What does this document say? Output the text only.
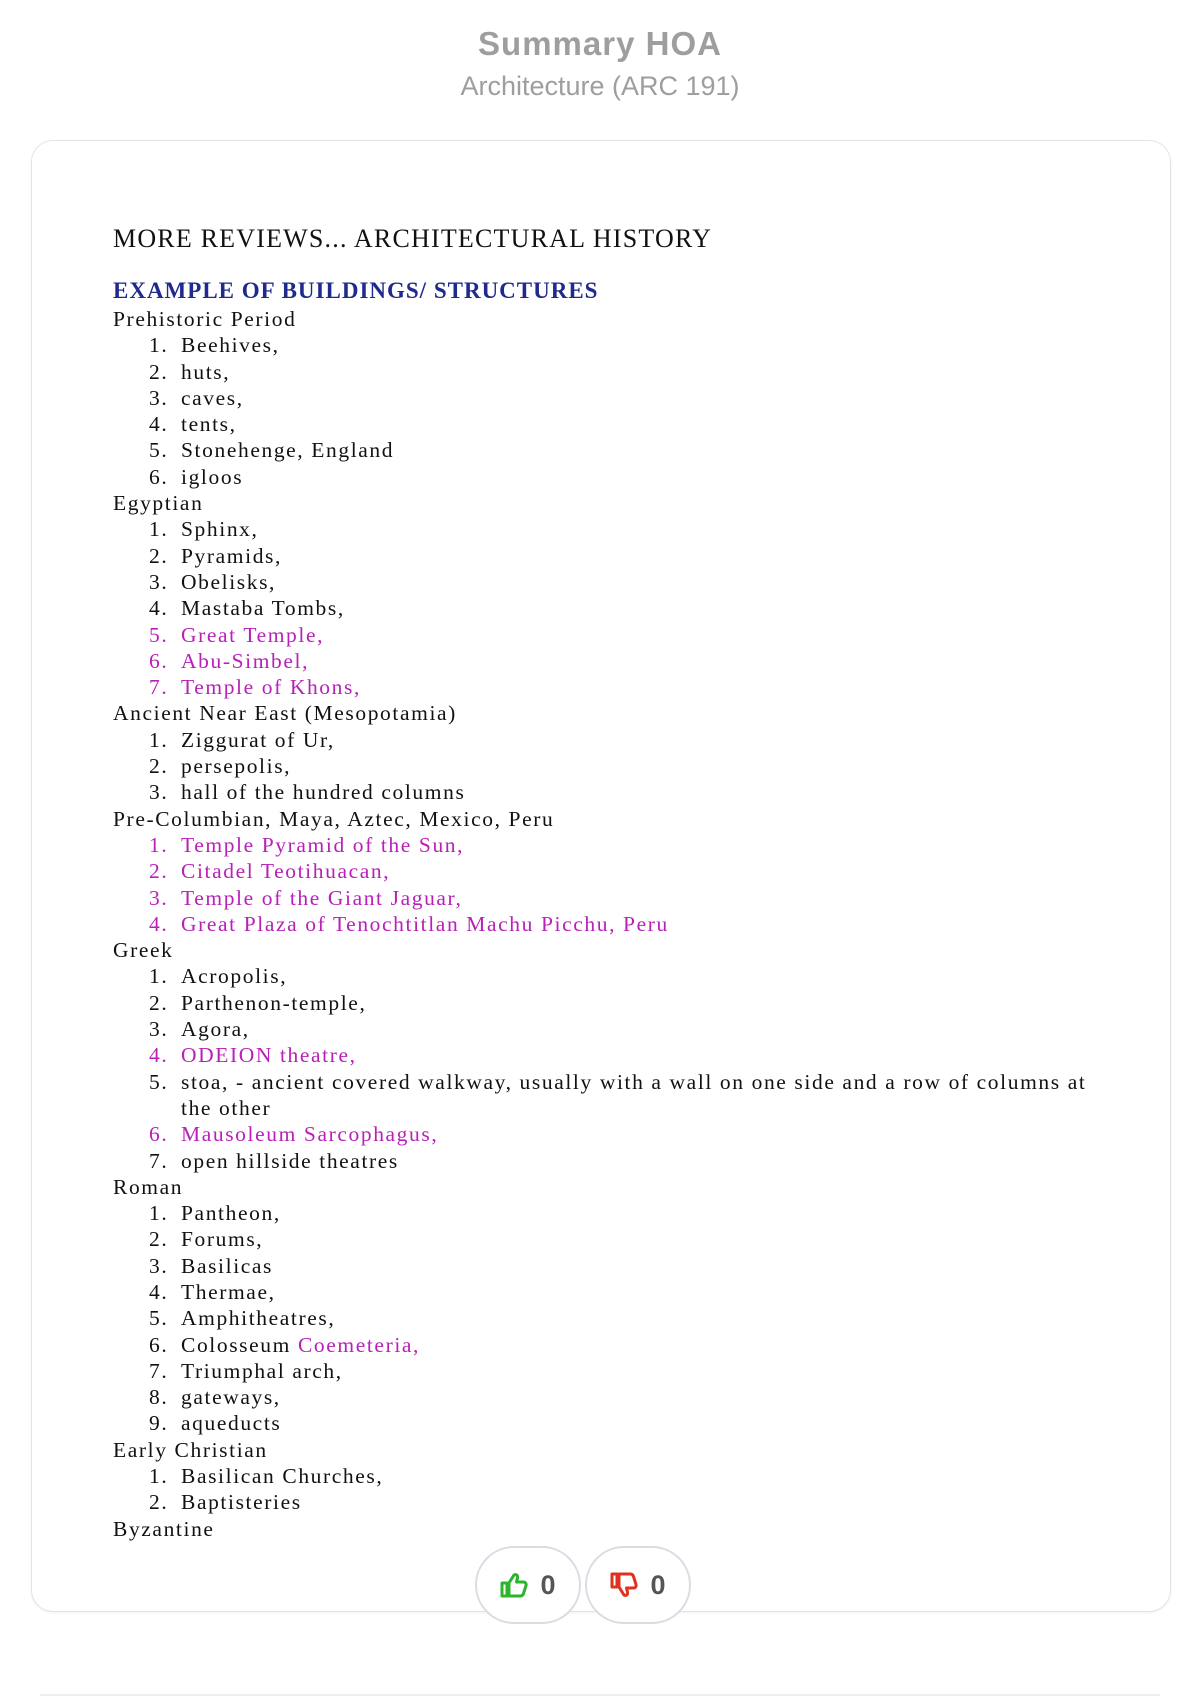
Summary HOA
Architecture (ARC 191)
MORE REVIEWS... ARCHITECTURAL HISTORY
EXAMPLE OF BUILDINGS/ STRUCTURES
Prehistoric Period
1. Beehives,
2. huts,
3. caves,
4. tents,
5. Stonehenge, England
6. igloos
Egyptian
1. Sphinx,
2. Pyramids,
3. Obelisks,
4. Mastaba Tombs,
5. Great Temple,
6. Abu-Simbel,
7. Temple of Khons,
Ancient Near East (Mesopotamia)
1. Ziggurat of Ur,
2. persepolis,
3. hall of the hundred columns
Pre-Columbian, Maya, Aztec, Mexico, Peru
1. Temple Pyramid of the Sun,
2. Citadel Teotihuacan,
3. Temple of the Giant Jaguar,
4. Great Plaza of Tenochtitlan Machu Picchu, Peru
Greek
1. Acropolis,
2. Parthenon-temple,
3. Agora,
4. ODEION theatre,
5. stoa, - ancient covered walkway, usually with a wall on one side and a row of columns at the other
6. Mausoleum Sarcophagus,
7. open hillside theatres
Roman
1. Pantheon,
2. Forums,
3. Basilicas
4. Thermae,
5. Amphitheatres,
6. Colosseum Coemeteria,
7. Triumphal arch,
8. gateways,
9. aqueducts
Early Christian
1. Basilican Churches,
2. Baptisteries
Byzantine
0	0
